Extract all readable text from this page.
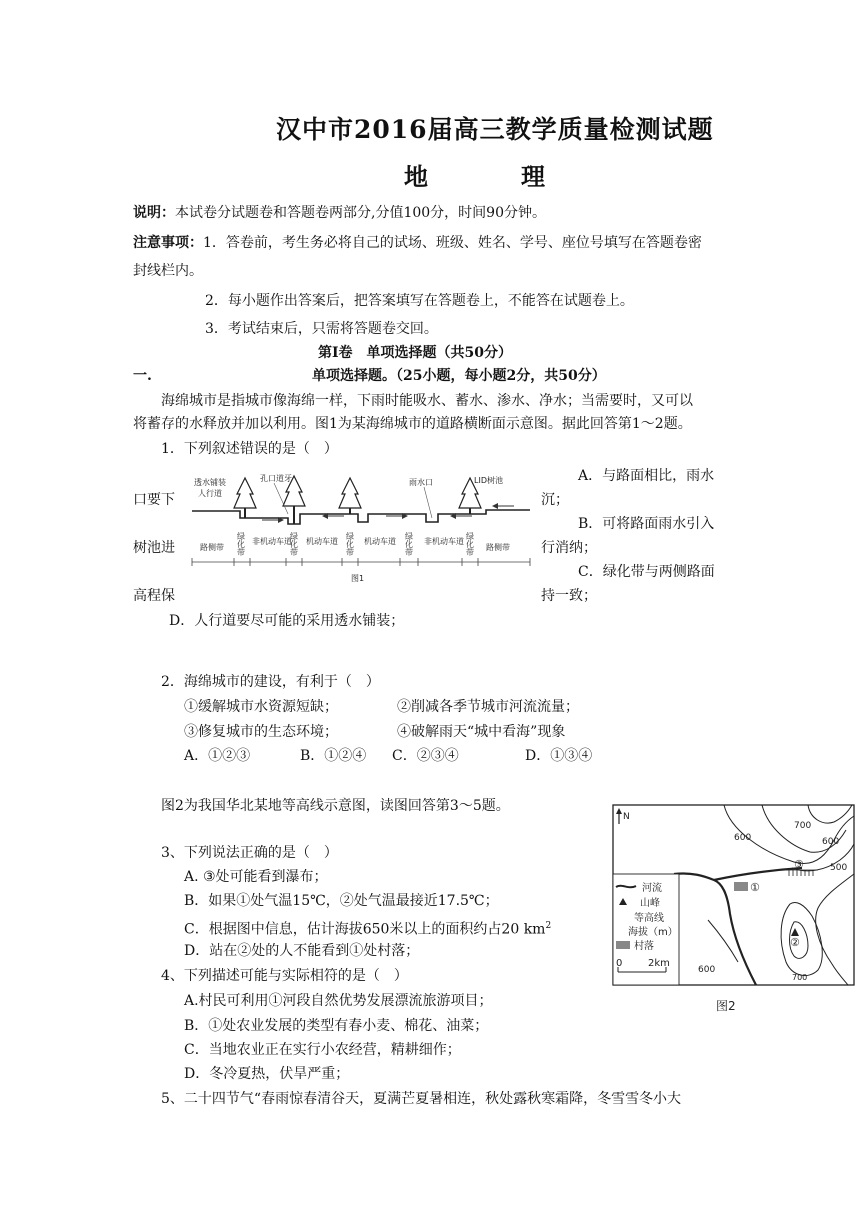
汉中市2016届高三教学质量检测试题
地	理
说明：本试卷分试题卷和答题卷两部分,分值100分，时间90分钟。
注意事项：1．答卷前，考生务必将自己的试场、班级、姓名、学号、座位号填写在答题卷密
封线栏内。
2．每小题作出答案后，把答案填写在答题卷上，不能答在试题卷上。
3．考试结束后，只需将答题卷交回。
第Ⅰ卷　单项选择题（共50分）
一.	单项选择题。（25小题，每小题2分，共50分）
海绵城市是指城市像海绵一样，下雨时能吸水、蓄水、渗水、净水；当需要时，又可以
将蓄存的水释放并加以利用。图1为某海绵城市的道路横断面示意图。据此回答第1～2题。
1．下列叙述错误的是（　）
A．与路面相比，雨水
口要下	沉；
B．可将路面雨水引入
树池进	行消纳；
C．绿化带与两侧路面
高程保	持一致；
D．人行道要尽可能的采用透水铺装；
透水铺装
人行道
孔口道牙	雨水口	LID树池
绿化带	绿化带	绿化带	绿化带	绿化带
路侧带
非机动车道 机动车道	机动车道	非机动车道
路侧带
图1
2．海绵城市的建设，有利于（　）
①缓解城市水资源短缺；	②削减各季节城市河流流量；
③修复城市的生态环境；	④破解雨天“城中看海”现象
A．①②③	B．①②④ C．②③④	D．①③④
图2为我国华北某地等高线示意图，读图回答第3～5题。
3、下列说法正确的是（　）
A. ③处可能看到瀑布；
B．如果①处气温15℃，②处气温最接近17.5℃；
C．根据图中信息，估计海拔650米以上的面积约占20 $km^2$
D．站在②处的人不能看到①处村落；
4、下列描述可能与实际相符的是（　）
A.村民可利用①河段自然优势发展漂流旅游项目；
B．①处农业发展的类型有春小麦、棉花、油菜；
C．当地农业正在实行小农经营，精耕细作；
D．冬冷夏热，伏旱严重；
5、二十四节气“春雨惊春清谷天，夏满芒夏暑相连，秋处露秋寒霜降，冬雪雪冬小大
N
600
700
600
500
600
700
①
②
③
河流
山峰
等高线
海拔（m）
村落
0	2km
图2
